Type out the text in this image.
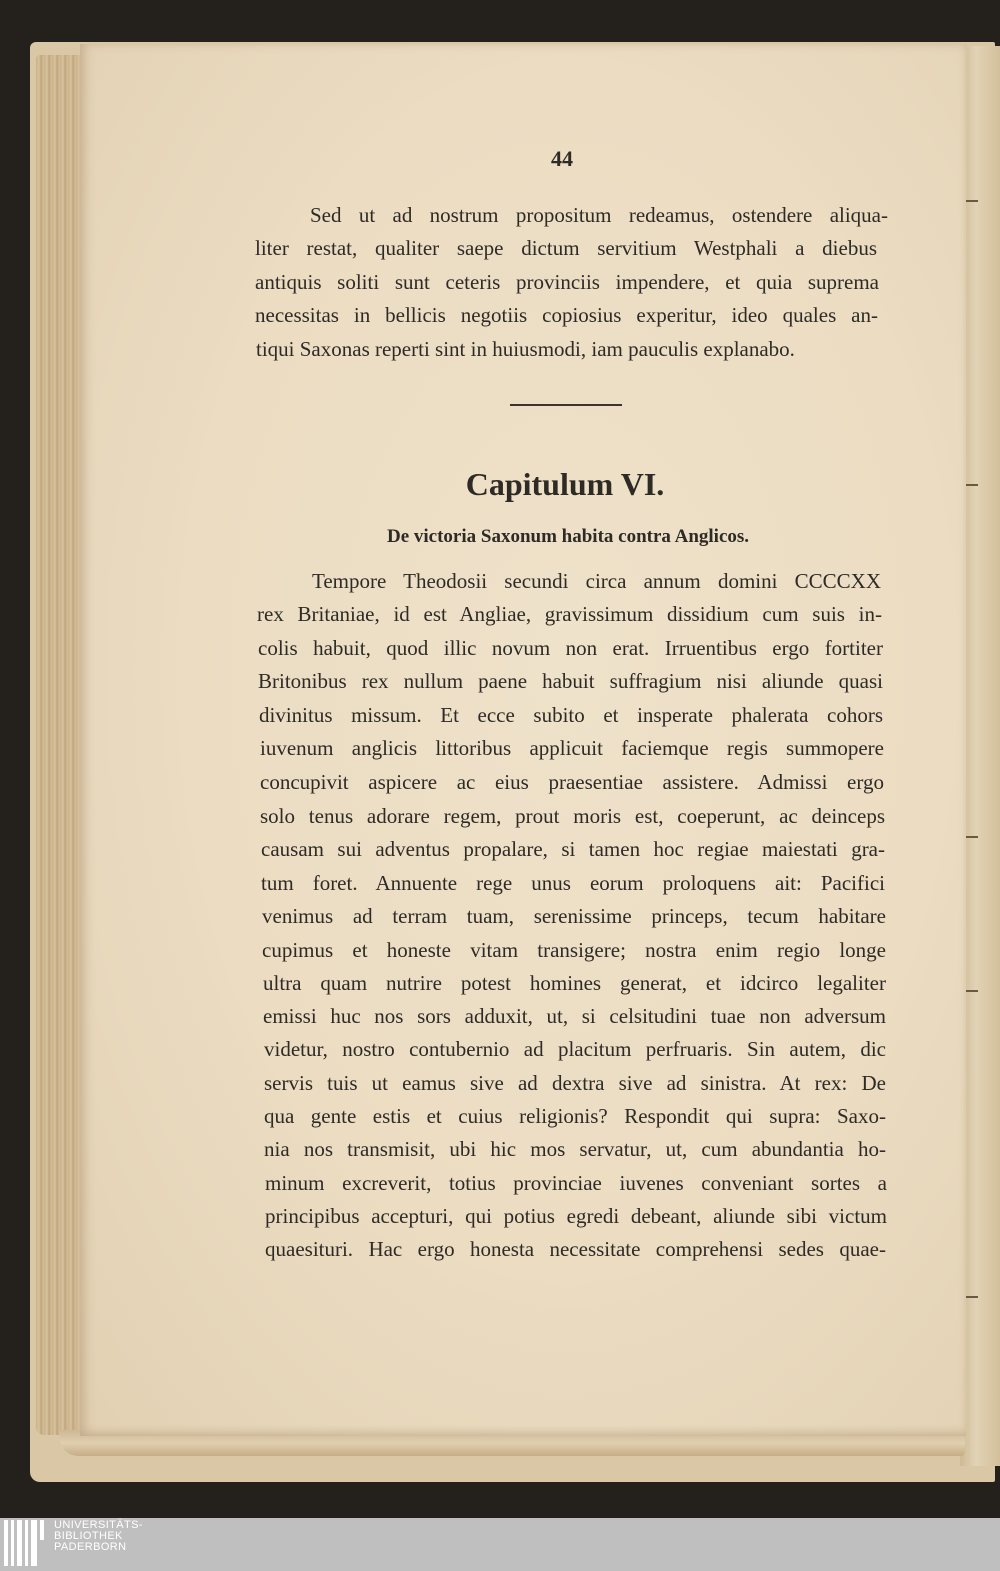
44
Sed ut ad nostrum propositum redeamus, ostendere aliqua-
liter restat, qualiter saepe dictum servitium Westphali a diebus
antiquis soliti sunt ceteris provinciis impendere, et quia suprema
necessitas in bellicis negotiis copiosius experitur, ideo quales an-
tiqui Saxonas reperti sint in huiusmodi, iam pauculis explanabo.
Capitulum VI.
De victoria Saxonum habita contra Anglicos.
Tempore Theodosii secundi circa annum domini CCCCXX
rex Britaniae, id est Angliae, gravissimum dissidium cum suis in-
colis habuit, quod illic novum non erat. Irruentibus ergo fortiter
Britonibus rex nullum paene habuit suffragium nisi aliunde quasi
divinitus missum. Et ecce subito et insperate phalerata cohors
iuvenum anglicis littoribus applicuit faciemque regis summopere
concupivit aspicere ac eius praesentiae assistere. Admissi ergo
solo tenus adorare regem, prout moris est, coeperunt, ac deinceps
causam sui adventus propalare, si tamen hoc regiae maiestati gra-
tum foret. Annuente rege unus eorum proloquens ait: Pacifici
venimus ad terram tuam, serenissime princeps, tecum habitare
cupimus et honeste vitam transigere; nostra enim regio longe
ultra quam nutrire potest homines generat, et idcirco legaliter
emissi huc nos sors adduxit, ut, si celsitudini tuae non adversum
videtur, nostro contubernio ad placitum perfruaris. Sin autem, dic
servis tuis ut eamus sive ad dextra sive ad sinistra. At rex: De
qua gente estis et cuius religionis? Respondit qui supra: Saxo-
nia nos transmisit, ubi hic mos servatur, ut, cum abundantia ho-
minum excreverit, totius provinciae iuvenes conveniant sortes a
principibus accepturi, qui potius egredi debeant, aliunde sibi victum
quaesituri. Hac ergo honesta necessitate comprehensi sedes quae-
UNIVERSITÄTS-
BIBLIOTHEK
PADERBORN
